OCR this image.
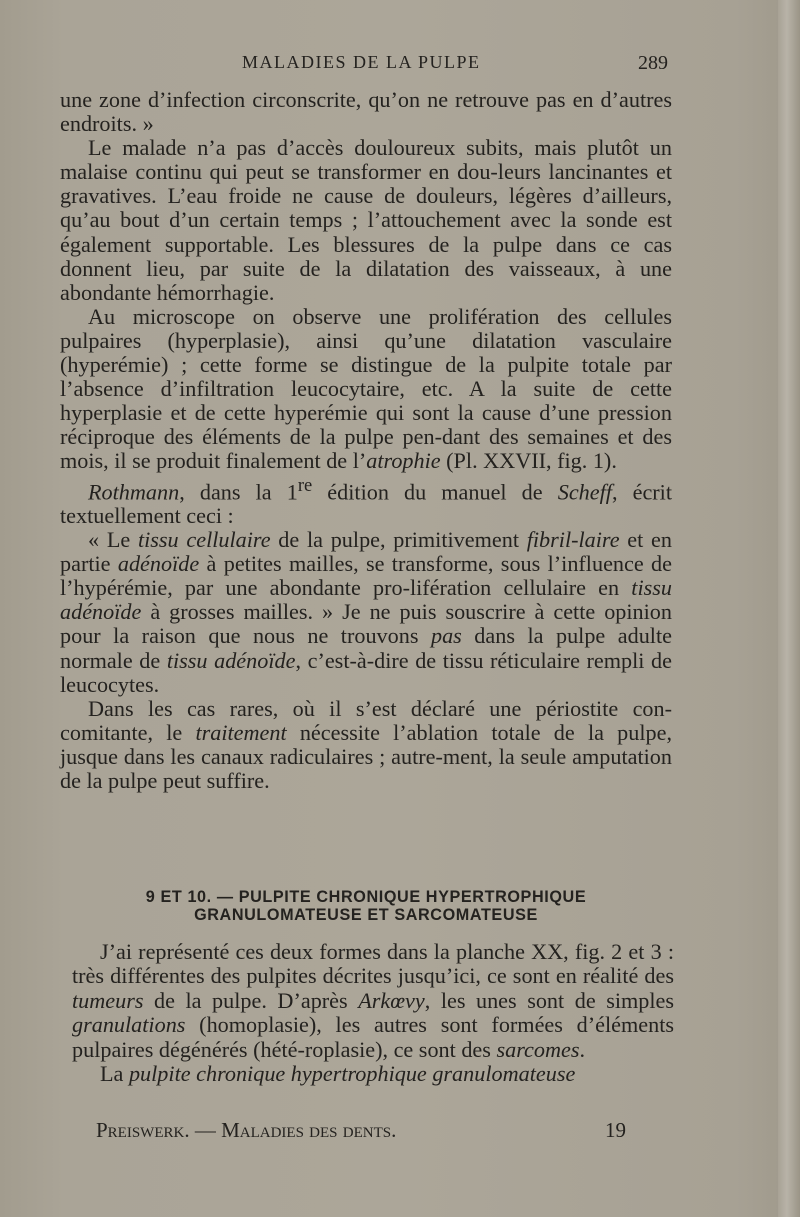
MALADIES DE LA PULPE	289

une zone d’infection circonscrite, qu’on ne retrouve pas en d’autres endroits. »

Le malade n’a pas d’accès douloureux subits, mais plutôt un malaise continu qui peut se transformer en dou-leurs lancinantes et gravatives. L’eau froide ne cause de douleurs, légères d’ailleurs, qu’au bout d’un certain temps ; l’attouchement avec la sonde est également supportable. Les blessures de la pulpe dans ce cas donnent lieu, par suite de la dilatation des vaisseaux, à une abondante hémorrhagie.

Au microscope on observe une prolifération des cellules pulpaires (hyperplasie), ainsi qu’une dilatation vasculaire (hyperémie) ; cette forme se distingue de la pulpite totale par l’absence d’infiltration leucocytaire, etc. A la suite de cette hyperplasie et de cette hyperémie qui sont la cause d’une pression réciproque des éléments de la pulpe pen-dant des semaines et des mois, il se produit finalement de l’atrophie (Pl. XXVII, fig. 1).

Rothmann, dans la 1re édition du manuel de Scheff, écrit textuellement ceci :

« Le tissu cellulaire de la pulpe, primitivement fibril-laire et en partie adénoïde à petites mailles, se transforme, sous l’influence de l’hypérémie, par une abondante pro-lifération cellulaire en tissu adénoïde à grosses mailles. » Je ne puis souscrire à cette opinion pour la raison que nous ne trouvons pas dans la pulpe adulte normale de tissu adénoïde, c’est-à-dire de tissu réticulaire rempli de leucocytes.

Dans les cas rares, où il s’est déclaré une périostite con-comitante, le traitement nécessite l’ablation totale de la pulpe, jusque dans les canaux radiculaires ; autre-ment, la seule amputation de la pulpe peut suffire.

9 ET 10. — PULPITE CHRONIQUE HYPERTROPHIQUE
GRANULOMATEUSE ET SARCOMATEUSE

J’ai représenté ces deux formes dans la planche XX, fig. 2 et 3 : très différentes des pulpites décrites jusqu’ici, ce sont en réalité des tumeurs de la pulpe. D’après Arkœvy, les unes sont de simples granulations (homoplasie), les autres sont formées d’éléments pulpaires dégénérés (hété-roplasie), ce sont des sarcomes.

La pulpite chronique hypertrophique granulomateuse

Preiswerk. — Maladies des dents.	19
